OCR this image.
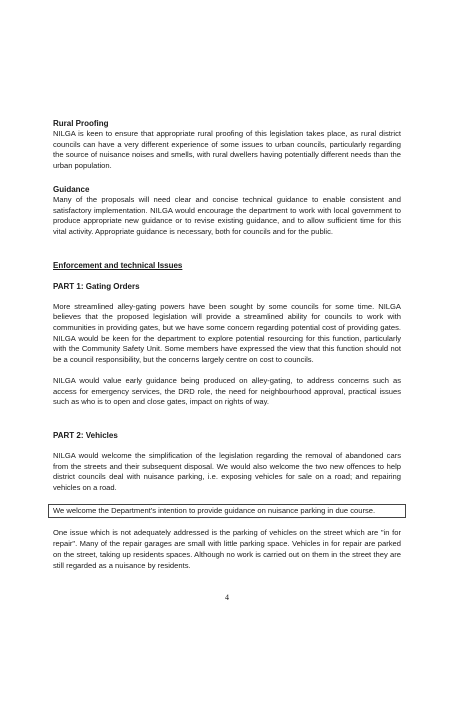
Rural Proofing

NILGA is keen to ensure that appropriate rural proofing of this legislation takes place, as rural district councils can have a very different experience of some issues to urban councils, particularly regarding the source of nuisance noises and smells, with rural dwellers having potentially different needs than the urban population.

Guidance

Many of the proposals will need clear and concise technical guidance to enable consistent and satisfactory implementation. NILGA would encourage the department to work with local government to produce appropriate new guidance or to revise existing guidance, and to allow sufficient time for this vital activity. Appropriate guidance is necessary, both for councils and for the public.

Enforcement and technical Issues

PART 1: Gating Orders

More streamlined alley-gating powers have been sought by some councils for some time. NILGA believes that the proposed legislation will provide a streamlined ability for councils to work with communities in providing gates, but we have some concern regarding potential cost of providing gates. NILGA would be keen for the department to explore potential resourcing for this function, particularly with the Community Safety Unit. Some members have expressed the view that this function should not be a council responsibility, but the concerns largely centre on cost to councils.

NILGA would value early guidance being produced on alley-gating, to address concerns such as access for emergency services, the DRD role, the need for neighbourhood approval, practical issues such as who is to open and close gates, impact on rights of way.

PART 2: Vehicles

NILGA would welcome the simplification of the legislation regarding the removal of abandoned cars from the streets and their subsequent disposal. We would also welcome the two new offences to help district councils deal with nuisance parking, i.e. exposing vehicles for sale on a road; and repairing vehicles on a road.

We welcome the Department's intention to provide guidance on nuisance parking in due course.

One issue which is not adequately addressed is the parking of vehicles on the street which are "in for repair". Many of the repair garages are small with little parking space. Vehicles in for repair are parked on the street, taking up residents spaces. Although no work is carried out on them in the street they are still regarded as a nuisance by residents.

4
